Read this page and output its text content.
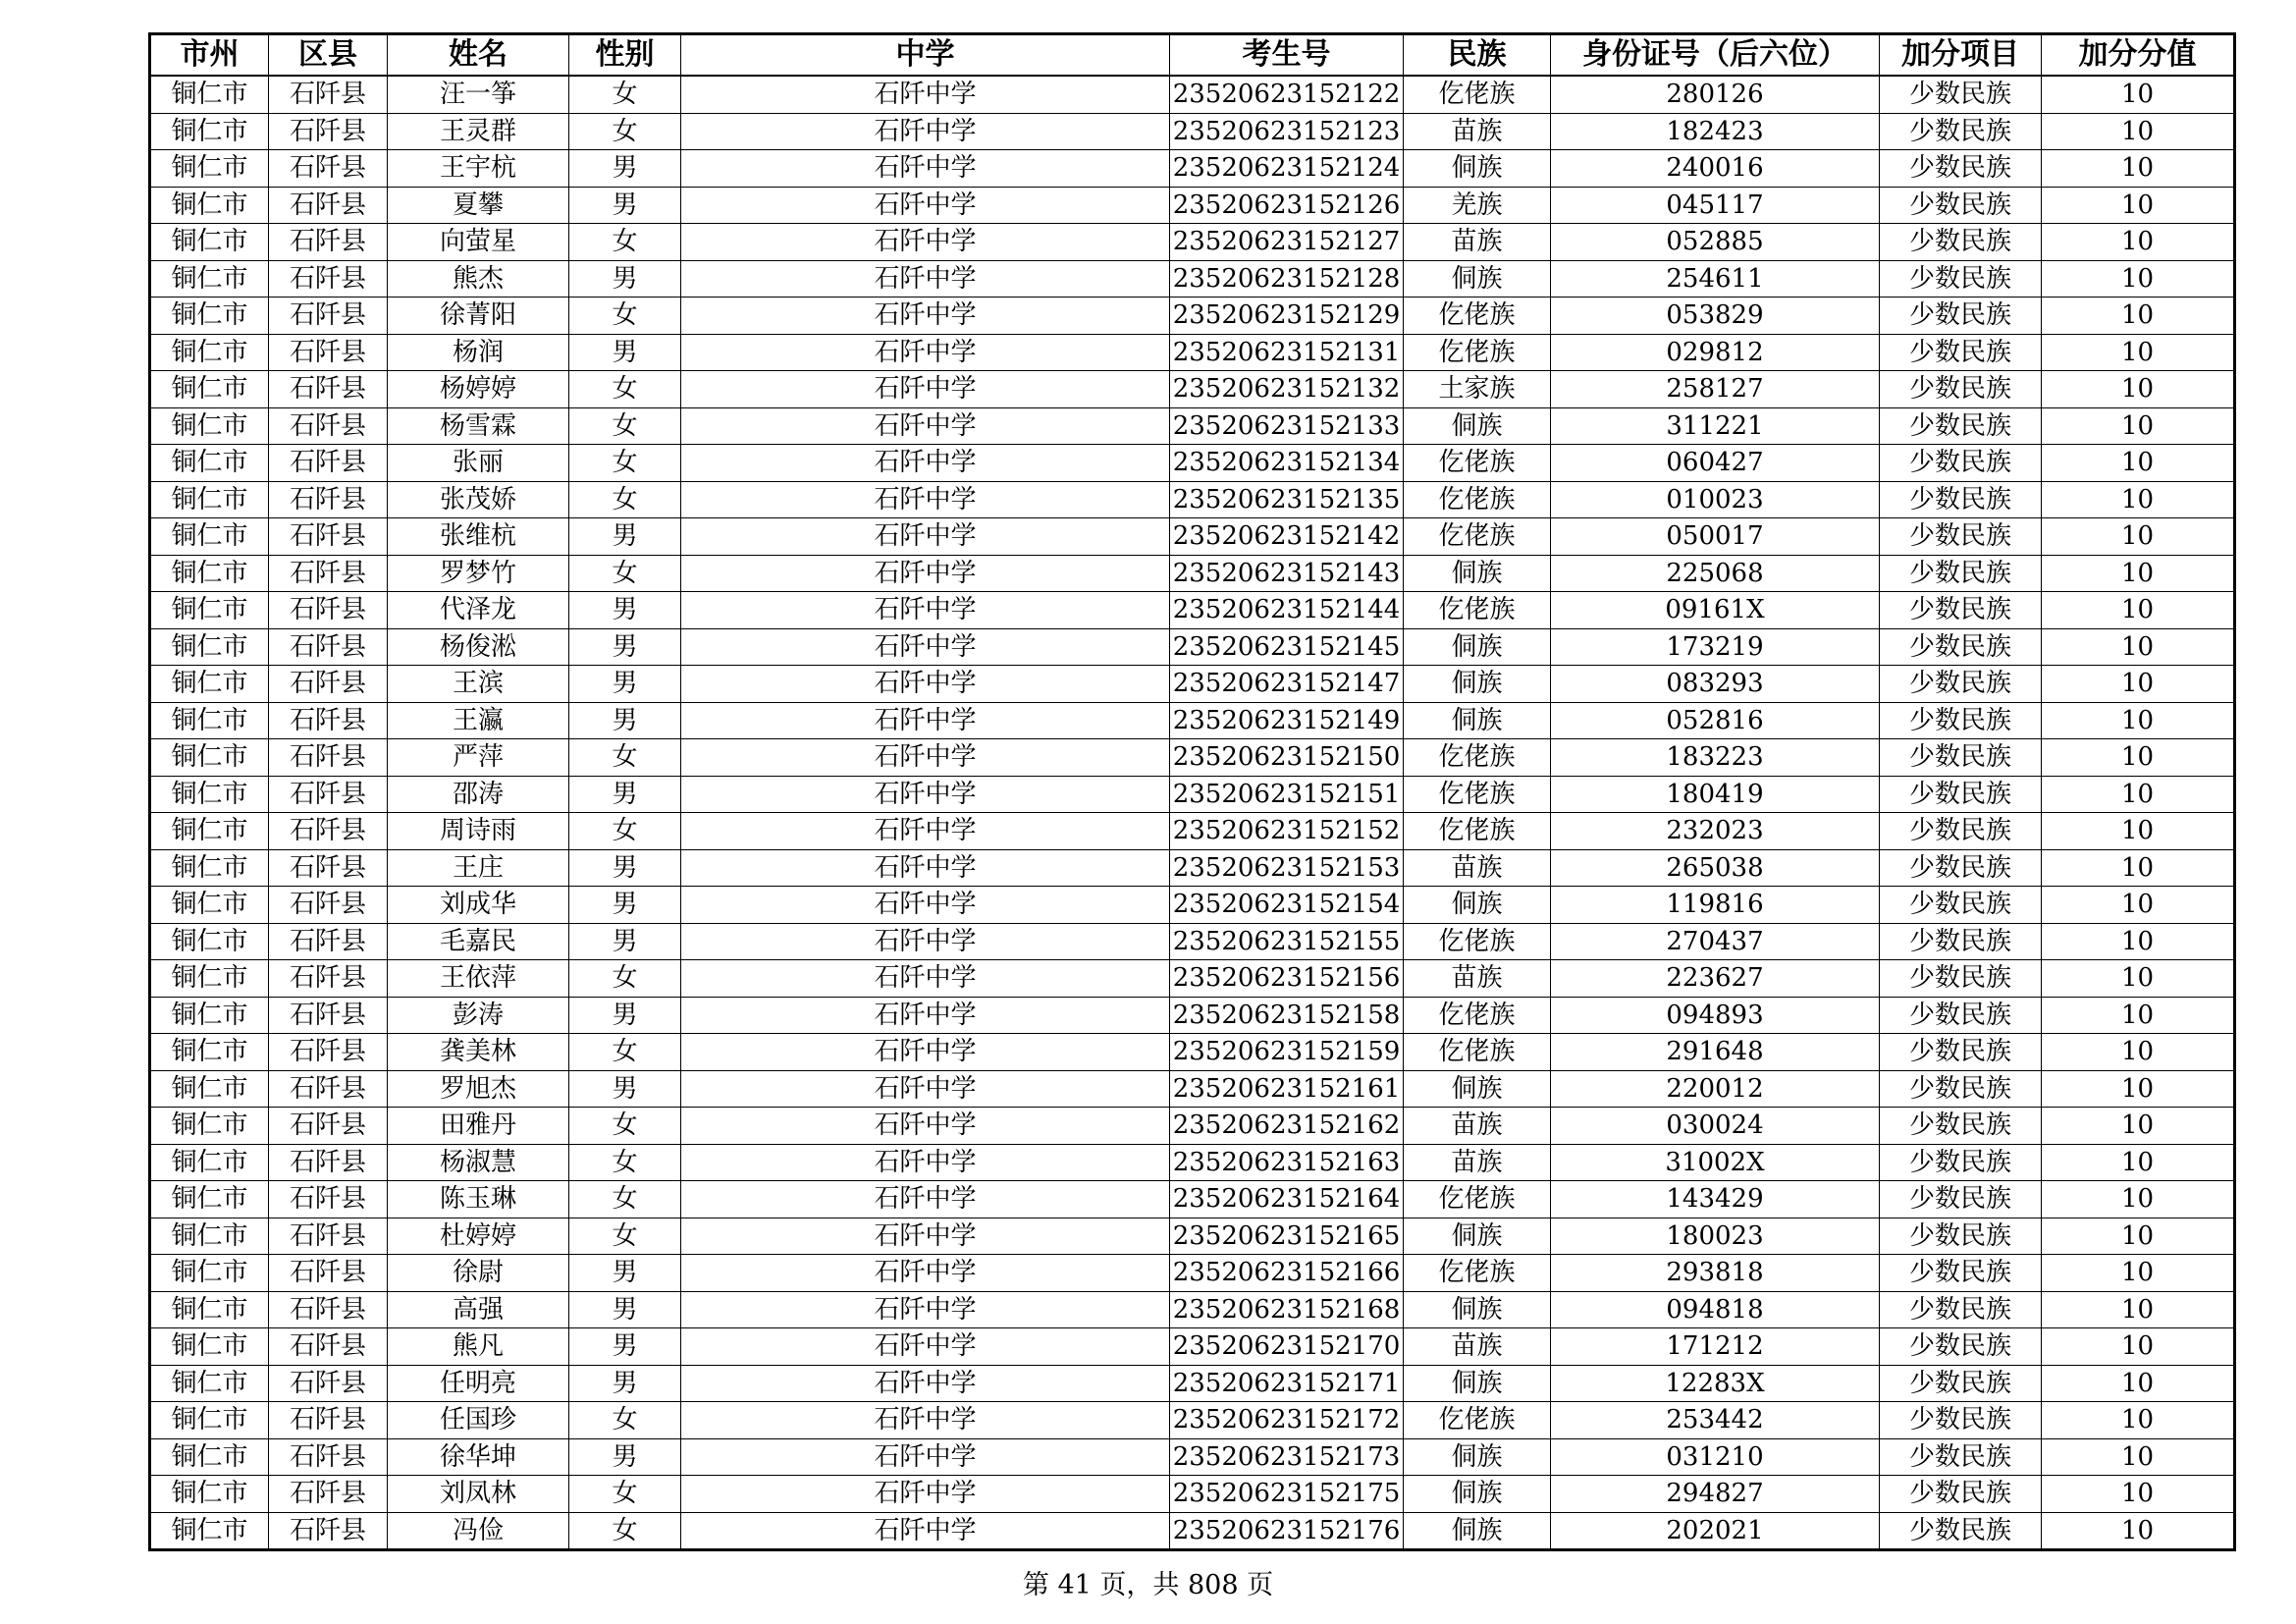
市州	区县	姓名	性别	中学	考生号	民族	身份证号（后六位）	加分项目	加分分值
铜仁市	石阡县	汪一筝	女	石阡中学	23520623152122	仡佬族	280126	少数民族	10
铜仁市	石阡县	王灵群	女	石阡中学	23520623152123	苗族	182423	少数民族	10
铜仁市	石阡县	王宇杭	男	石阡中学	23520623152124	侗族	240016	少数民族	10
铜仁市	石阡县	夏攀	男	石阡中学	23520623152126	羌族	045117	少数民族	10
铜仁市	石阡县	向萤星	女	石阡中学	23520623152127	苗族	052885	少数民族	10
铜仁市	石阡县	熊杰	男	石阡中学	23520623152128	侗族	254611	少数民族	10
铜仁市	石阡县	徐菁阳	女	石阡中学	23520623152129	仡佬族	053829	少数民族	10
铜仁市	石阡县	杨润	男	石阡中学	23520623152131	仡佬族	029812	少数民族	10
铜仁市	石阡县	杨婷婷	女	石阡中学	23520623152132	土家族	258127	少数民族	10
铜仁市	石阡县	杨雪霖	女	石阡中学	23520623152133	侗族	311221	少数民族	10
铜仁市	石阡县	张丽	女	石阡中学	23520623152134	仡佬族	060427	少数民族	10
铜仁市	石阡县	张茂娇	女	石阡中学	23520623152135	仡佬族	010023	少数民族	10
铜仁市	石阡县	张维杭	男	石阡中学	23520623152142	仡佬族	050017	少数民族	10
铜仁市	石阡县	罗梦竹	女	石阡中学	23520623152143	侗族	225068	少数民族	10
铜仁市	石阡县	代泽龙	男	石阡中学	23520623152144	仡佬族	09161X	少数民族	10
铜仁市	石阡县	杨俊淞	男	石阡中学	23520623152145	侗族	173219	少数民族	10
铜仁市	石阡县	王滨	男	石阡中学	23520623152147	侗族	083293	少数民族	10
铜仁市	石阡县	王瀛	男	石阡中学	23520623152149	侗族	052816	少数民族	10
铜仁市	石阡县	严萍	女	石阡中学	23520623152150	仡佬族	183223	少数民族	10
铜仁市	石阡县	邵涛	男	石阡中学	23520623152151	仡佬族	180419	少数民族	10
铜仁市	石阡县	周诗雨	女	石阡中学	23520623152152	仡佬族	232023	少数民族	10
铜仁市	石阡县	王庄	男	石阡中学	23520623152153	苗族	265038	少数民族	10
铜仁市	石阡县	刘成华	男	石阡中学	23520623152154	侗族	119816	少数民族	10
铜仁市	石阡县	毛嘉民	男	石阡中学	23520623152155	仡佬族	270437	少数民族	10
铜仁市	石阡县	王依萍	女	石阡中学	23520623152156	苗族	223627	少数民族	10
铜仁市	石阡县	彭涛	男	石阡中学	23520623152158	仡佬族	094893	少数民族	10
铜仁市	石阡县	龚美林	女	石阡中学	23520623152159	仡佬族	291648	少数民族	10
铜仁市	石阡县	罗旭杰	男	石阡中学	23520623152161	侗族	220012	少数民族	10
铜仁市	石阡县	田雅丹	女	石阡中学	23520623152162	苗族	030024	少数民族	10
铜仁市	石阡县	杨淑慧	女	石阡中学	23520623152163	苗族	31002X	少数民族	10
铜仁市	石阡县	陈玉琳	女	石阡中学	23520623152164	仡佬族	143429	少数民族	10
铜仁市	石阡县	杜婷婷	女	石阡中学	23520623152165	侗族	180023	少数民族	10
铜仁市	石阡县	徐尉	男	石阡中学	23520623152166	仡佬族	293818	少数民族	10
铜仁市	石阡县	高强	男	石阡中学	23520623152168	侗族	094818	少数民族	10
铜仁市	石阡县	熊凡	男	石阡中学	23520623152170	苗族	171212	少数民族	10
铜仁市	石阡县	任明亮	男	石阡中学	23520623152171	侗族	12283X	少数民族	10
铜仁市	石阡县	任国珍	女	石阡中学	23520623152172	仡佬族	253442	少数民族	10
铜仁市	石阡县	徐华坤	男	石阡中学	23520623152173	侗族	031210	少数民族	10
铜仁市	石阡县	刘凤林	女	石阡中学	23520623152175	侗族	294827	少数民族	10
铜仁市	石阡县	冯俭	女	石阡中学	23520623152176	侗族	202021	少数民族	10
第 41 页，共 808 页
